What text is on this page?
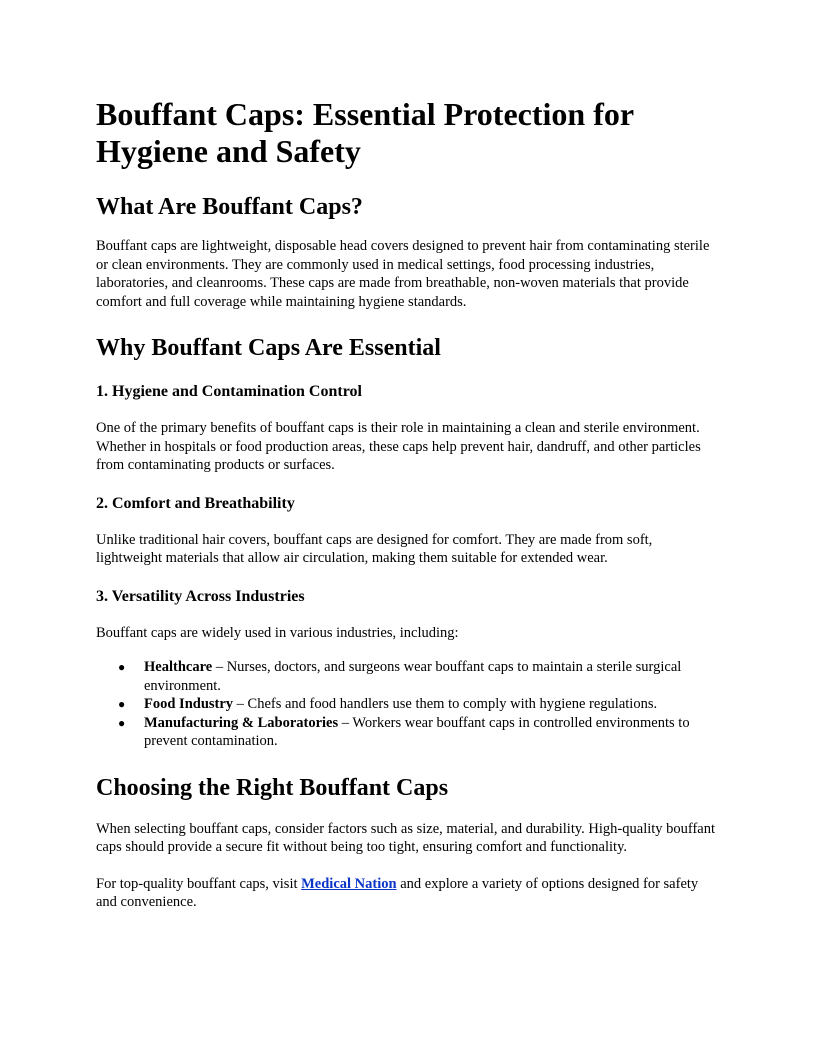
Bouffant Caps: Essential Protection for Hygiene and Safety
What Are Bouffant Caps?

Bouffant caps are lightweight, disposable head covers designed to prevent hair from contaminating sterile or clean environments. They are commonly used in medical settings, food processing industries, laboratories, and cleanrooms. These caps are made from breathable, non-woven materials that provide comfort and full coverage while maintaining hygiene standards.

Why Bouffant Caps Are Essential
1. Hygiene and Contamination Control

One of the primary benefits of bouffant caps is their role in maintaining a clean and sterile environment. Whether in hospitals or food production areas, these caps help prevent hair, dandruff, and other particles from contaminating products or surfaces.

2. Comfort and Breathability

Unlike traditional hair covers, bouffant caps are designed for comfort. They are made from soft, lightweight materials that allow air circulation, making them suitable for extended wear.

3. Versatility Across Industries

Bouffant caps are widely used in various industries, including:

● Healthcare – Nurses, doctors, and surgeons wear bouffant caps to maintain a sterile surgical environment.
● Food Industry – Chefs and food handlers use them to comply with hygiene regulations.
● Manufacturing & Laboratories – Workers wear bouffant caps in controlled environments to prevent contamination.
Choosing the Right Bouffant Caps

When selecting bouffant caps, consider factors such as size, material, and durability. High-quality bouffant caps should provide a secure fit without being too tight, ensuring comfort and functionality.

For top-quality bouffant caps, visit Medical Nation and explore a variety of options designed for safety and convenience.
